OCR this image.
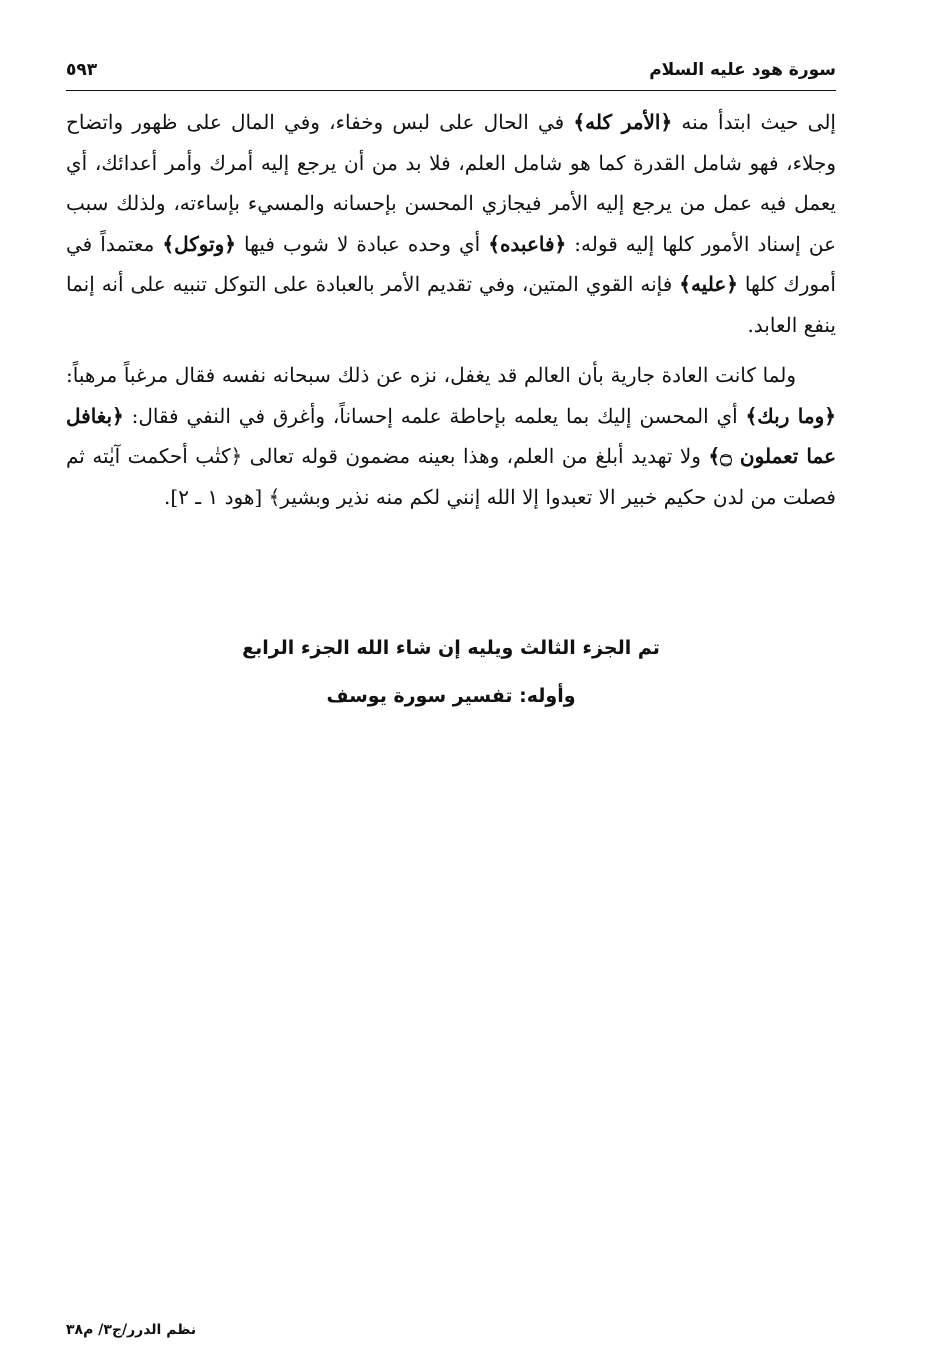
سورة هود عليه السلام
٥٩٣

إلى حيث ابتدأ منه ﴿الأمر كله﴾ في الحال على لبس وخفاء، وفي المال على ظهور واتضاح وجلاء، فهو شامل القدرة كما هو شامل العلم، فلا بد من أن يرجع إليه أمرك وأمر أعدائك، أي يعمل فيه عمل من يرجع إليه الأمر فيجازي المحسن بإحسانه والمسيء بإساءته، ولذلك سبب عن إسناد الأمور كلها إليه قوله: ﴿فاعبده﴾ أي وحده عبادة لا شوب فيها ﴿وتوكل﴾ معتمداً في أمورك كلها ﴿عليه﴾ فإنه القوي المتين، وفي تقديم الأمر بالعبادة على التوكل تنبيه على أنه إنما ينفع العابد.

ولما كانت العادة جارية بأن العالم قد يغفل، نزه عن ذلك سبحانه نفسه فقال مرغباً مرهباً: ﴿وما ربك﴾ أي المحسن إليك بما يعلمه بإحاطة علمه إحساناً، وأغرق في النفي فقال: ﴿بغافل عما تعملون ۝﴾ ولا تهديد أبلغ من العلم، وهذا بعينه مضمون قوله تعالى ﴿كتٰب أحكمت آيٰته ثم فصلت من لدن حكيم خبير الا تعبدوا إلا الله إنني لكم منه نذير وبشير﴾ [هود ١ ـ ٢].

تم الجزء الثالث ويليه إن شاء الله الجزء الرابع
وأوله: تفسير سورة يوسف
نظم الدرر/ج٣/ م٣٨
